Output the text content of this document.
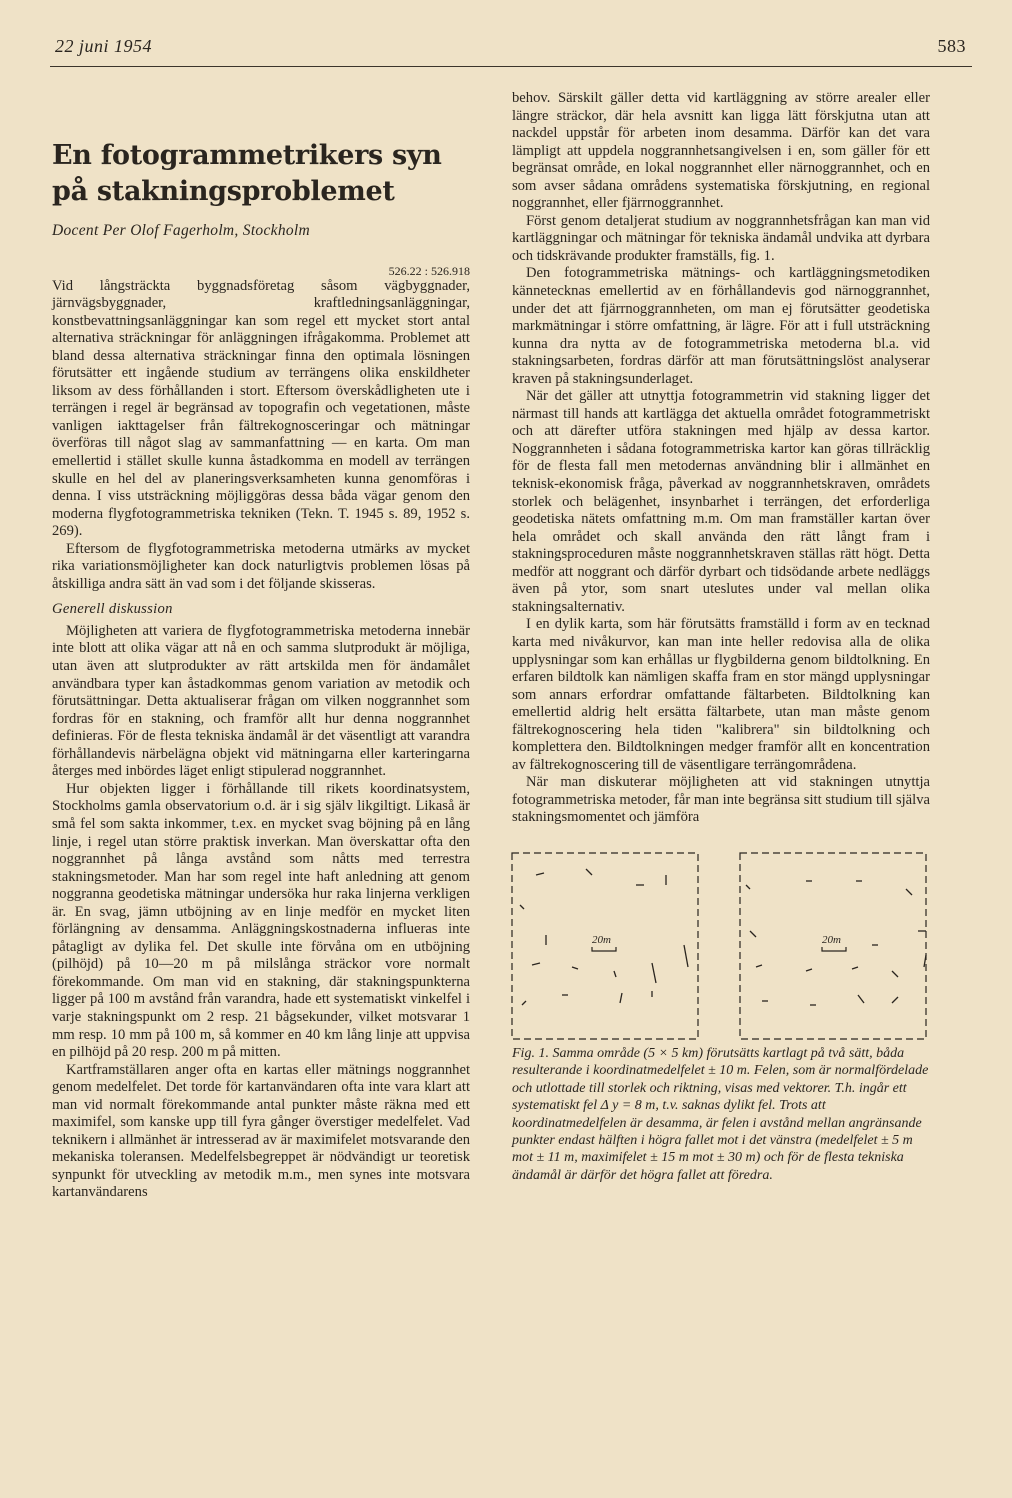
22 juni 1954	583
En fotogrammetrikers syn
på stakningsproblemet
Docent Per Olof Fagerholm, Stockholm
526.22 : 526.918

Vid långsträckta byggnadsföretag såsom vägbyggnader, järnvägsbyggnader, kraftledningsanläggningar, konstbevattningsanläggningar kan som regel ett mycket stort antal alternativa sträckningar för anläggningen ifrågakomma. Problemet att bland dessa alternativa sträckningar finna den optimala lösningen förutsätter ett ingående studium av terrängens olika enskildheter liksom av dess förhållanden i stort. Eftersom överskådligheten ute i terrängen i regel är begränsad av topografin och vegetationen, måste vanligen iakttagelser från fältrekognosceringar och mätningar överföras till något slag av sammanfattning — en karta. Om man emellertid i stället skulle kunna åstadkomma en modell av terrängen skulle en hel del av planeringsverksamheten kunna genomföras i denna. I viss utsträckning möjliggöras dessa båda vägar genom den moderna flygfotogrammetriska tekniken (Tekn. T. 1945 s. 89, 1952 s. 269).

Eftersom de flygfotogrammetriska metoderna utmärks av mycket rika variationsmöjligheter kan dock naturligtvis problemen lösas på åtskilliga andra sätt än vad som i det följande skisseras.

Generell diskussion

Möjligheten att variera de flygfotogrammetriska metoderna innebär inte blott att olika vägar att nå en och samma slutprodukt är möjliga, utan även att slutprodukter av rätt artskilda men för ändamålet användbara typer kan åstadkommas genom variation av metodik och förutsättningar. Detta aktualiserar frågan om vilken noggrannhet som fordras för en stakning, och framför allt hur denna noggrannhet definieras. För de flesta tekniska ändamål är det väsentligt att varandra förhållandevis närbelägna objekt vid mätningarna eller karteringarna återges med inbördes läget enligt stipulerad noggrannhet.

Hur objekten ligger i förhållande till rikets koordinatsystem, Stockholms gamla observatorium o.d. är i sig själv likgiltigt. Likaså är små fel som sakta inkommer, t.ex. en mycket svag böjning på en lång linje, i regel utan större praktisk inverkan. Man överskattar ofta den noggrannhet på långa avstånd som nåtts med terrestra stakningsmetoder. Man har som regel inte haft anledning att genom noggranna geodetiska mätningar undersöka hur raka linjerna verkligen är. En svag, jämn utböjning av en linje medför en mycket liten förlängning av densamma. Anläggningskostnaderna influeras inte påtagligt av dylika fel. Det skulle inte förvåna om en utböjning (pilhöjd) på 10—20 m på milslånga sträckor vore normalt förekommande. Om man vid en stakning, där stakningspunkterna ligger på 100 m avstånd från varandra, hade ett systematiskt vinkelfel i varje stakningspunkt om 2 resp. 21 bågsekunder, vilket motsvarar 1 mm resp. 10 mm på 100 m, så kommer en 40 km lång linje att uppvisa en pilhöjd på 20 resp. 200 m på mitten.

Kartframställaren anger ofta en kartas eller mätnings noggrannhet genom medelfelet. Det torde för kartanvändaren ofta inte vara klart att man vid normalt förekommande antal punkter måste räkna med ett maximifel, som kanske upp till fyra gånger överstiger medelfelet. Vad teknikern i allmänhet är intresserad av är maximifelet motsvarande den mekaniska toleransen. Medelfelsbegreppet är nödvändigt ur teoretisk synpunkt för utveckling av metodik m.m., men synes inte motsvara kartanvändarens

behov. Särskilt gäller detta vid kartläggning av större arealer eller längre sträckor, där hela avsnitt kan ligga lätt förskjutna utan att nackdel uppstår för arbeten inom desamma. Därför kan det vara lämpligt att uppdela noggrannhetsangivelsen i en, som gäller för ett begränsat område, en lokal noggrannhet eller närnoggrannhet, och en som avser sådana områdens systematiska förskjutning, en regional noggrannhet, eller fjärrnoggrannhet.

Först genom detaljerat studium av noggrannhetsfrågan kan man vid kartläggningar och mätningar för tekniska ändamål undvika att dyrbara och tidskrävande produkter framställs, fig. 1.

Den fotogrammetriska mätnings- och kartläggningsmetodiken kännetecknas emellertid av en förhållandevis god närnoggrannhet, under det att fjärrnoggrannheten, om man ej förutsätter geodetiska markmätningar i större omfattning, är lägre. För att i full utsträckning kunna dra nytta av de fotogrammetriska metoderna bl.a. vid stakningsarbeten, fordras därför att man förutsättningslöst analyserar kraven på stakningsunderlaget.

När det gäller att utnyttja fotogrammetrin vid stakning ligger det närmast till hands att kartlägga det aktuella området fotogrammetriskt och att därefter utföra stakningen med hjälp av dessa kartor. Noggrannheten i sådana fotogrammetriska kartor kan göras tillräcklig för de flesta fall men metodernas användning blir i allmänhet en teknisk-ekonomisk fråga, påverkad av noggrannhetskraven, områdets storlek och belägenhet, insynbarhet i terrängen, det erforderliga geodetiska nätets omfattning m.m. Om man framställer kartan över hela området och skall använda den rätt långt fram i stakningsproceduren måste noggrannhetskraven ställas rätt högt. Detta medför att noggrant och därför dyrbart och tidsödande arbete nedläggs även på ytor, som snart uteslutes under val mellan olika stakningsalternativ.

I en dylik karta, som här förutsätts framställd i form av en tecknad karta med nivåkurvor, kan man inte heller redovisa alla de olika upplysningar som kan erhållas ur flygbilderna genom bildtolkning. En erfaren bildtolk kan nämligen skaffa fram en stor mängd upplysningar som annars erfordrar omfattande fältarbeten. Bildtolkning kan emellertid aldrig helt ersätta fältarbete, utan man måste genom fältrekognoscering hela tiden "kalibrera" sin bildtolkning och komplettera den. Bildtolkningen medger framför allt en koncentration av fältrekognoscering till de väsentligare terrängområdena.

När man diskuterar möjligheten att vid stakningen utnyttja fotogrammetriska metoder, får man inte begränsa sitt studium till själva stakningsmomentet och jämföra

20m	20m

Fig. 1. Samma område (5 × 5 km) förutsätts kartlagt på två sätt, båda resulterande i koordinatmedelfelet ± 10 m. Felen, som är normalfördelade och utlottade till storlek och riktning, visas med vektorer. T.h. ingår ett systematiskt fel Δ y = 8 m, t.v. saknas dylikt fel. Trots att koordinatmedelfelen är desamma, är felen i avstånd mellan angränsande punkter endast hälften i högra fallet mot i det vänstra (medelfelet ± 5 m mot ± 11 m, maximifelet ± 15 m mot ± 30 m) och för de flesta tekniska ändamål är därför det högra fallet att föredra.
